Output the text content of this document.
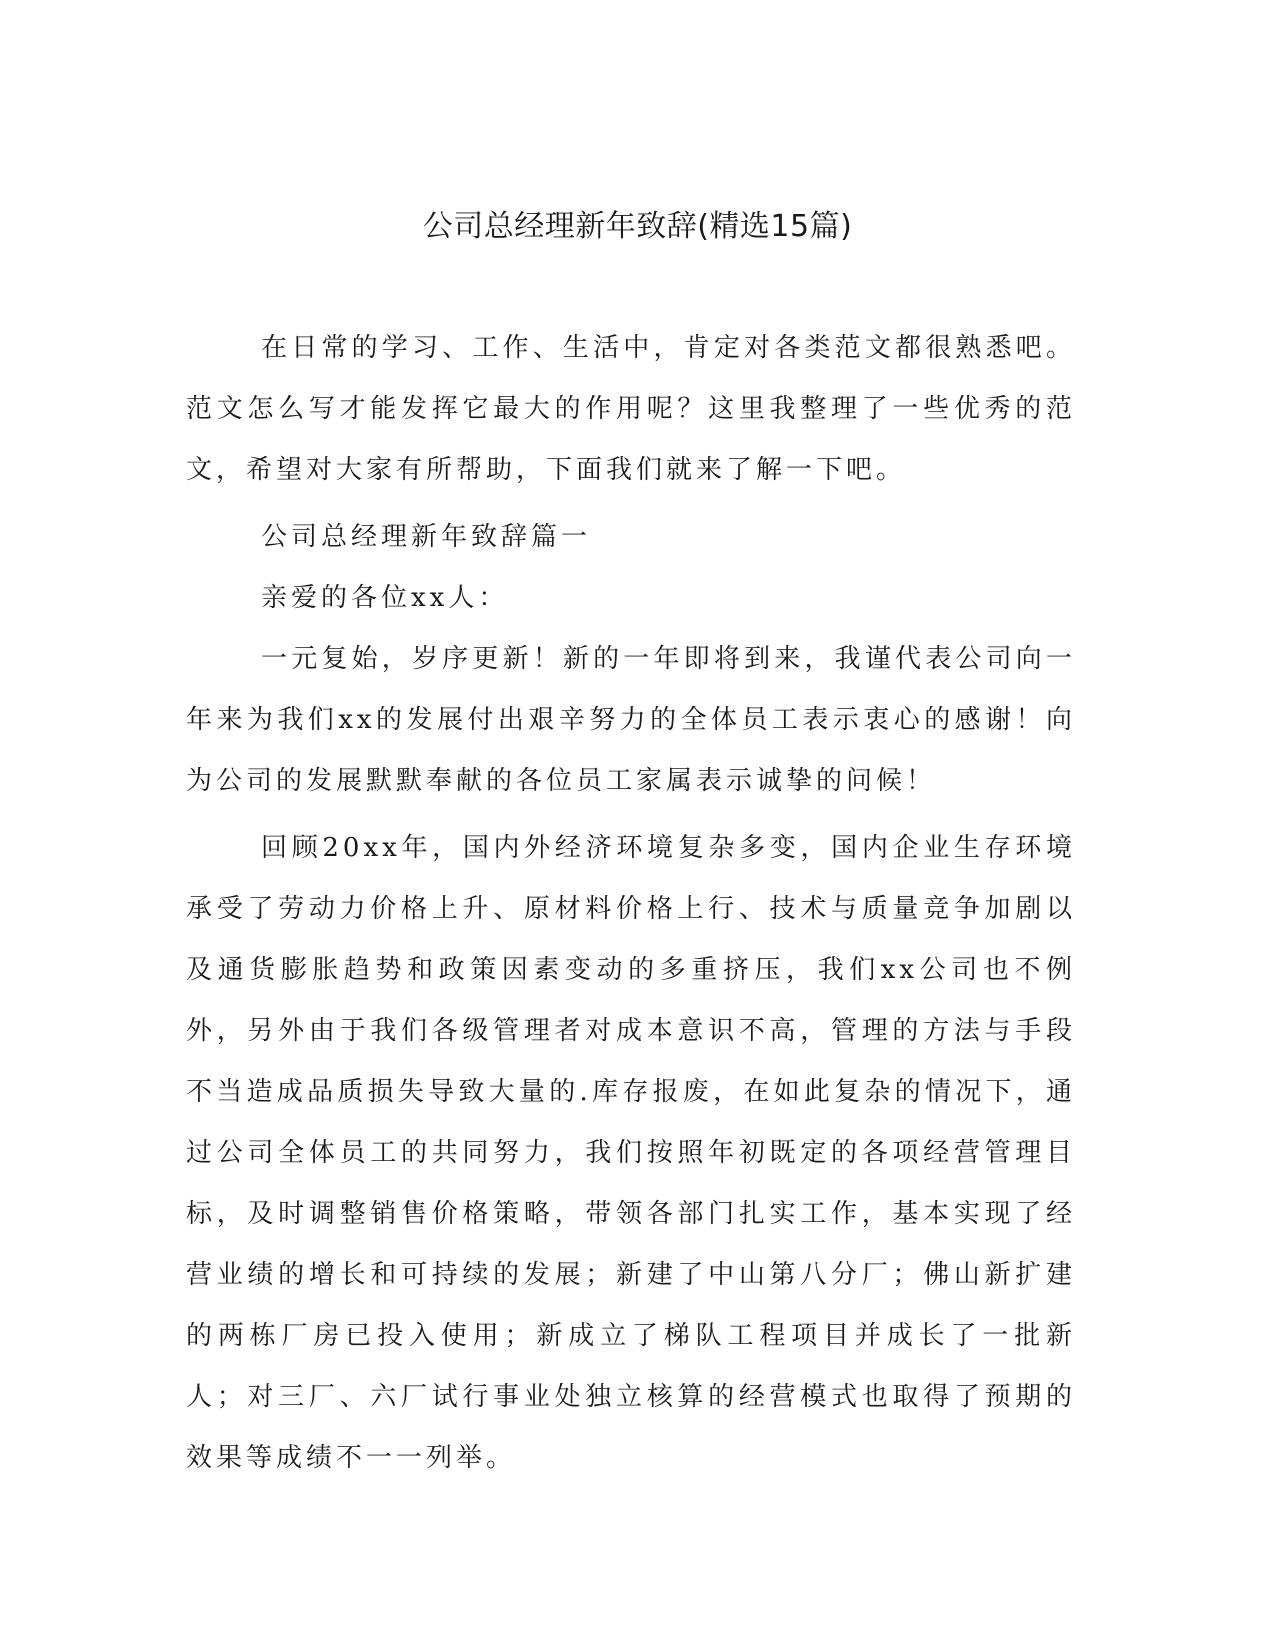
公司总经理新年致辞(精选15篇)

在日常的学习、工作、生活中，肯定对各类范文都很熟悉吧。范文怎么写才能发挥它最大的作用呢？这里我整理了一些优秀的范文，希望对大家有所帮助，下面我们就来了解一下吧。

公司总经理新年致辞篇一

亲爱的各位xx人：

一元复始，岁序更新！新的一年即将到来，我谨代表公司向一年来为我们xx的发展付出艰辛努力的全体员工表示衷心的感谢！向为公司的发展默默奉献的各位员工家属表示诚挚的问候！

回顾20xx年，国内外经济环境复杂多变，国内企业生存环境承受了劳动力价格上升、原材料价格上行、技术与质量竞争加剧以及通货膨胀趋势和政策因素变动的多重挤压，我们xx公司也不例外，另外由于我们各级管理者对成本意识不高，管理的方法与手段不当造成品质损失导致大量的.库存报废，在如此复杂的情况下，通过公司全体员工的共同努力，我们按照年初既定的各项经营管理目标，及时调整销售价格策略，带领各部门扎实工作，基本实现了经营业绩的增长和可持续的发展；新建了中山第八分厂；佛山新扩建的两栋厂房已投入使用；新成立了梯队工程项目并成长了一批新人；对三厂、六厂试行事业处独立核算的经营模式也取得了预期的效果等成绩不一一列举。
